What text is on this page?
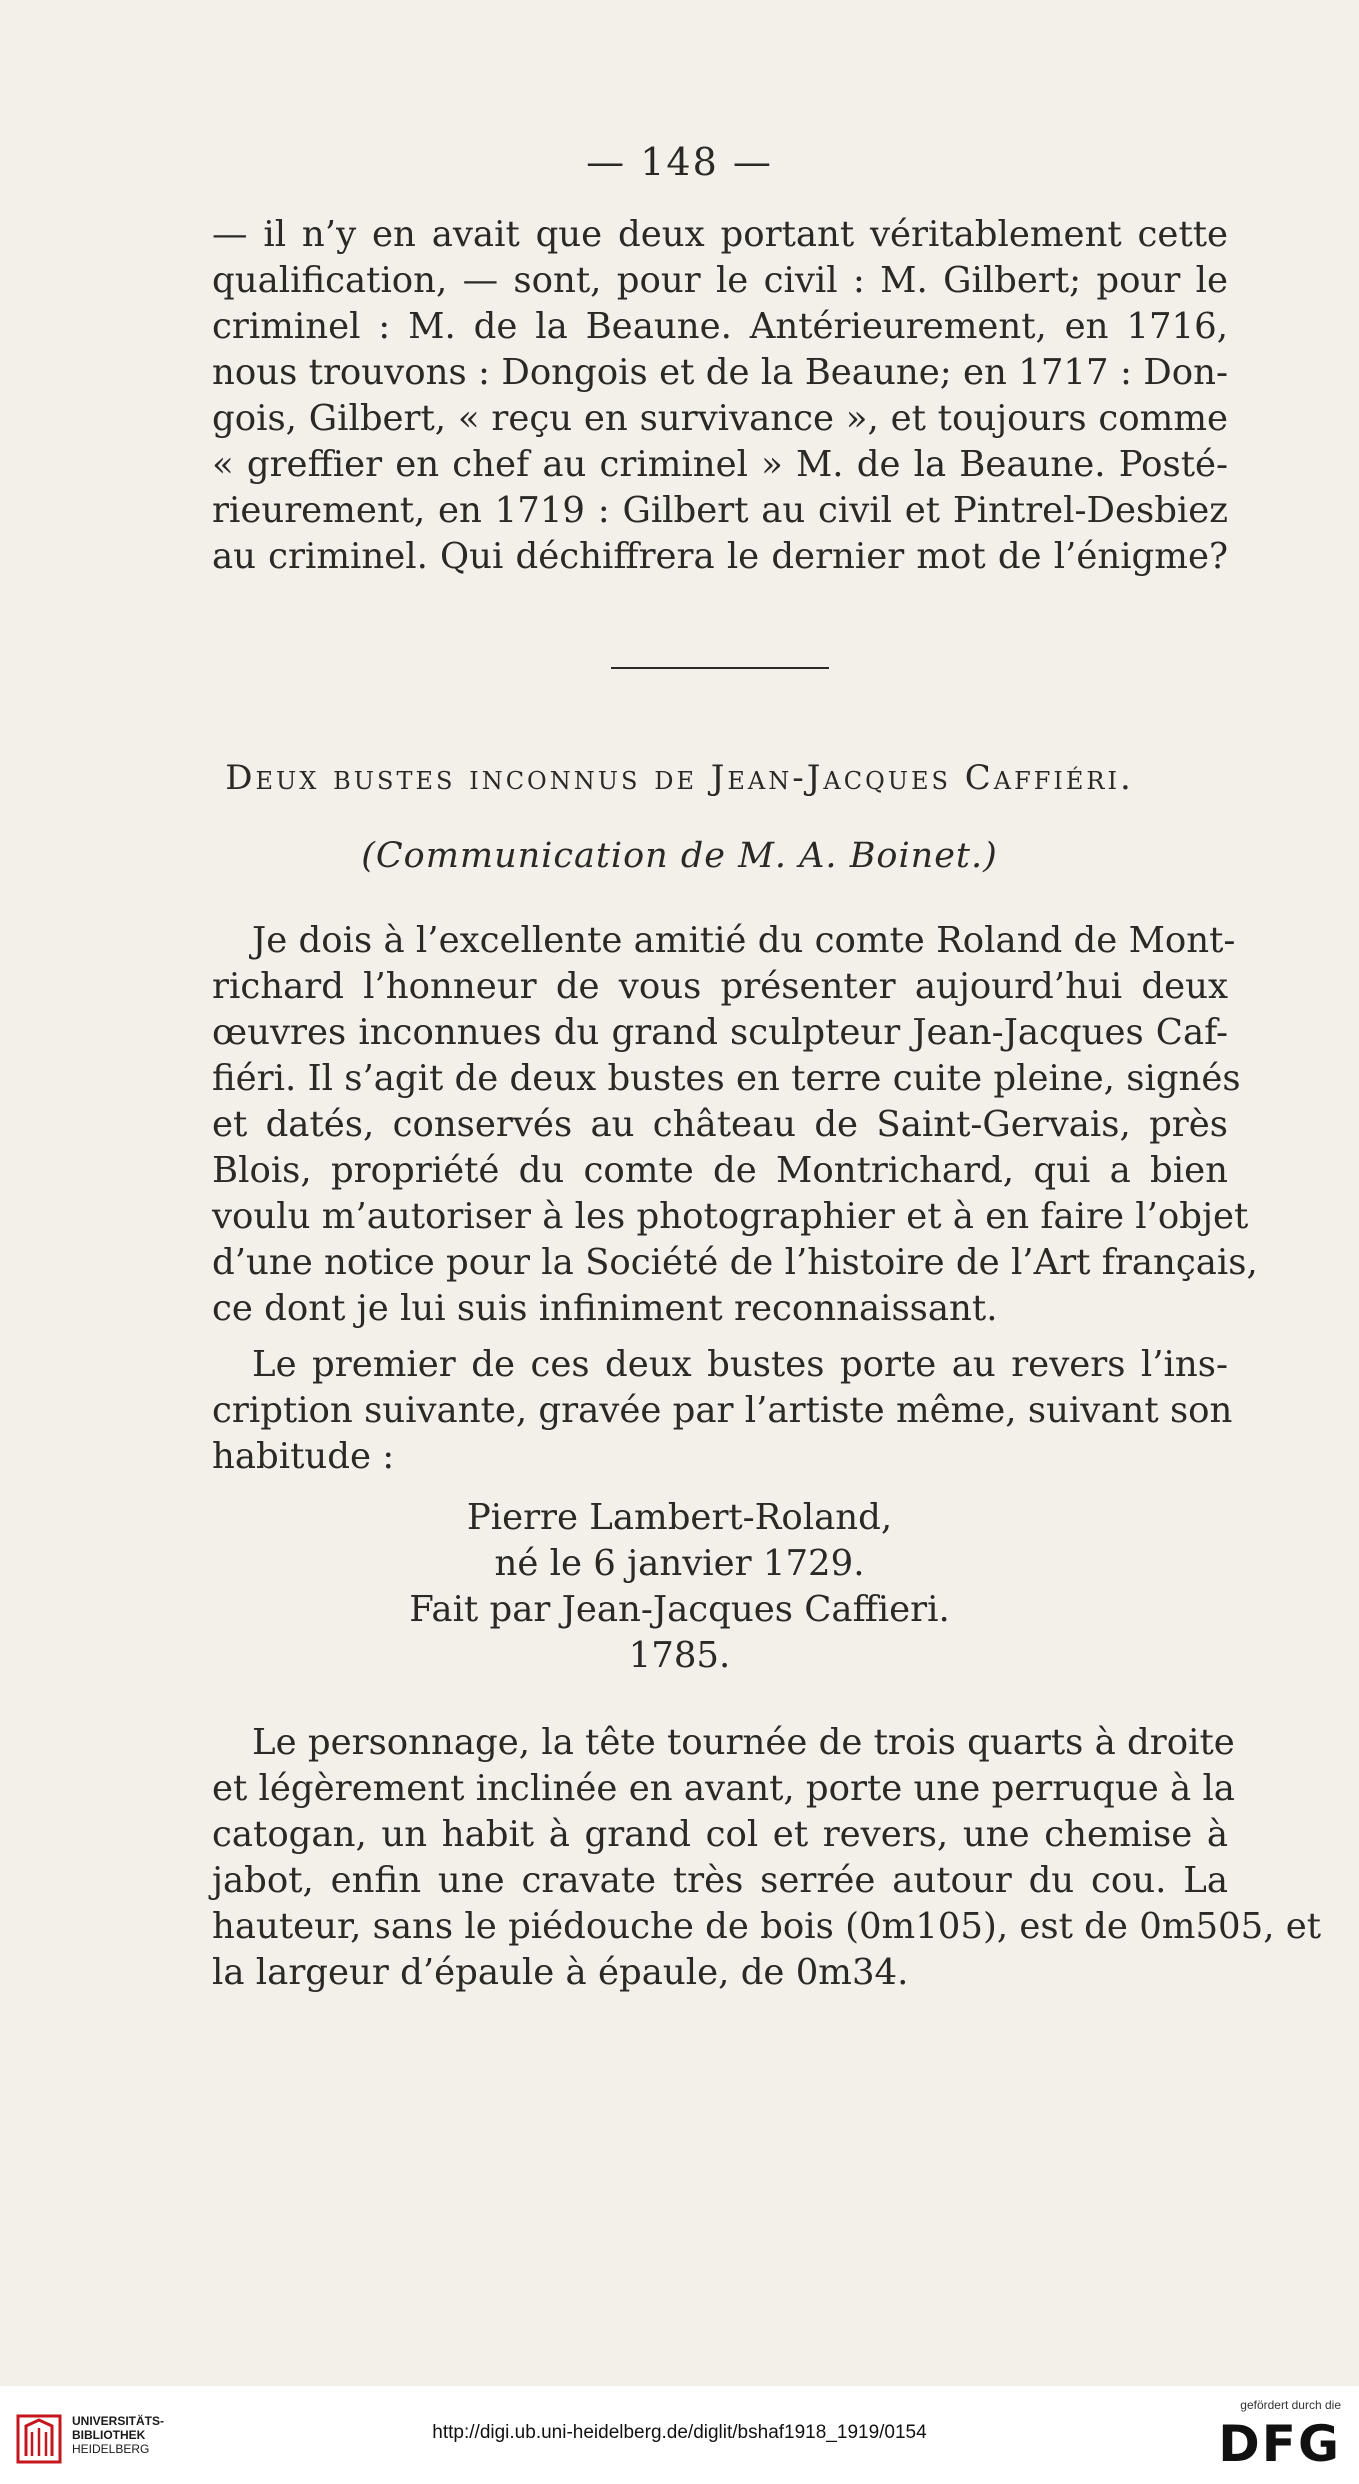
— 148 —
— il n’y en avait que deux portant véritablement cette
qualification, — sont, pour le civil : M. Gilbert; pour le
criminel : M. de la Beaune. Antérieurement, en 1716,
nous trouvons : Dongois et de la Beaune; en 1717 : Don-
gois, Gilbert, « reçu en survivance », et toujours comme
« greffier en chef au criminel » M. de la Beaune. Posté-
rieurement, en 1719 : Gilbert au civil et Pintrel-Desbiez
au criminel. Qui déchiffrera le dernier mot de l’énigme?
Deux bustes inconnus de Jean-Jacques Caffiéri.
(Communication de M. A. Boinet.)
Je dois à l’excellente amitié du comte Roland de Mont-
richard l’honneur de vous présenter aujourd’hui deux
œuvres inconnues du grand sculpteur Jean-Jacques Caf-
fiéri. Il s’agit de deux bustes en terre cuite pleine, signés
et datés, conservés au château de Saint-Gervais, près
Blois, propriété du comte de Montrichard, qui a bien
voulu m’autoriser à les photographier et à en faire l’objet
d’une notice pour la Société de l’histoire de l’Art français,
ce dont je lui suis infiniment reconnaissant.
Le premier de ces deux bustes porte au revers l’ins-
cription suivante, gravée par l’artiste même, suivant son
habitude :
Pierre Lambert-Roland,
né le 6 janvier 1729.
Fait par Jean-Jacques Caffieri.
1785.
Le personnage, la tête tournée de trois quarts à droite
et légèrement inclinée en avant, porte une perruque à la
catogan, un habit à grand col et revers, une chemise à
jabot, enfin une cravate très serrée autour du cou. La
hauteur, sans le piédouche de bois (0m105), est de 0m505, et
la largeur d’épaule à épaule, de 0m34.
UNIVERSITÄTS-
BIBLIOTHEK
HEIDELBERG
http://digi.ub.uni-heidelberg.de/diglit/bshaf1918_1919/0154
gefördert durch die
DFG
